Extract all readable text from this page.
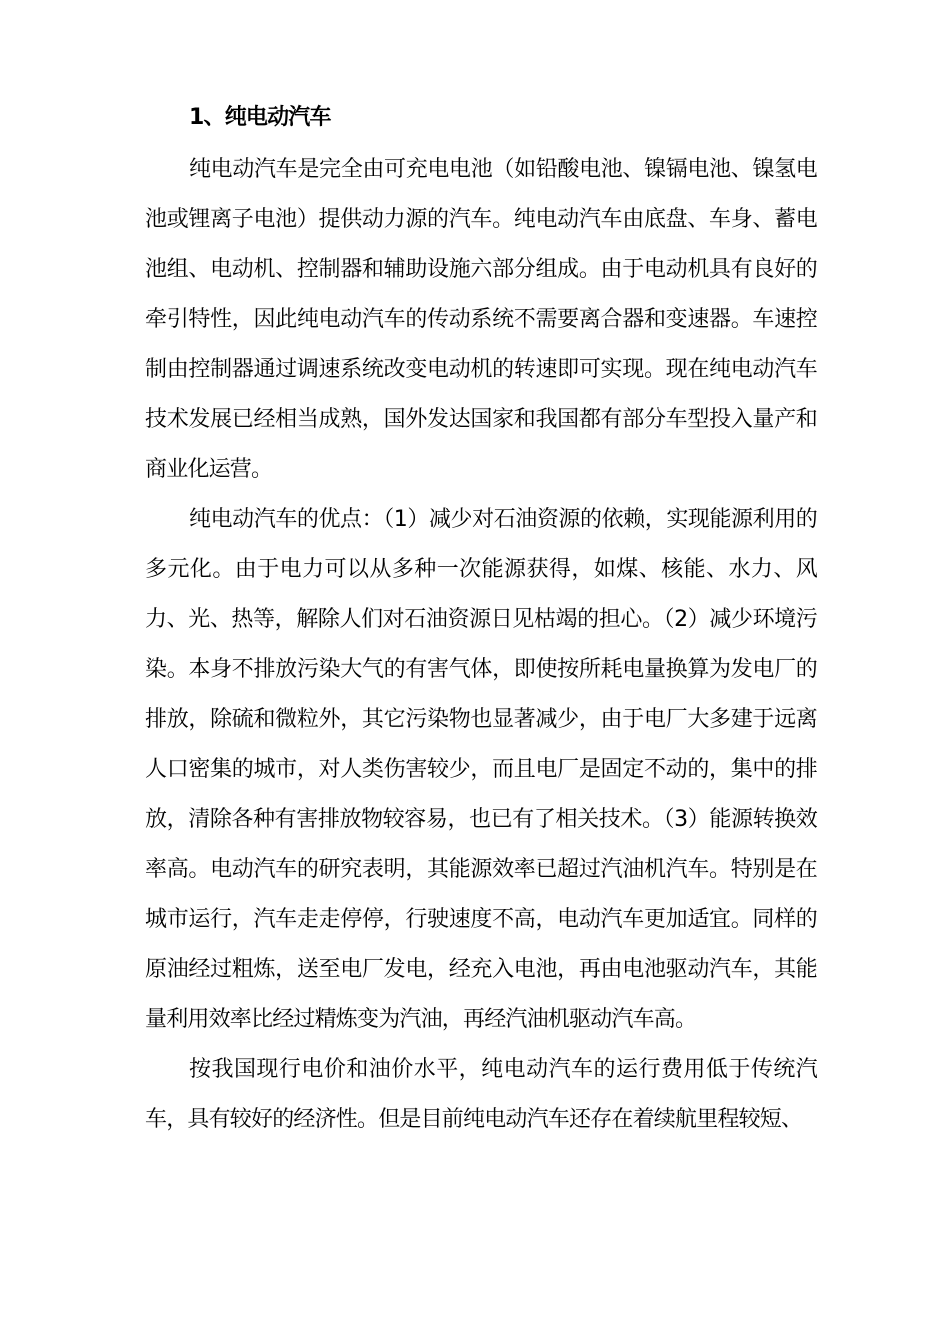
1、纯电动汽车

纯电动汽车是完全由可充电电池（如铅酸电池、镍镉电池、镍氢电池或锂离子电池）提供动力源的汽车。纯电动汽车由底盘、车身、蓄电池组、电动机、控制器和辅助设施六部分组成。由于电动机具有良好的牵引特性，因此纯电动汽车的传动系统不需要离合器和变速器。车速控制由控制器通过调速系统改变电动机的转速即可实现。现在纯电动汽车技术发展已经相当成熟，国外发达国家和我国都有部分车型投入量产和商业化运营。

纯电动汽车的优点：（1）减少对石油资源的依赖，实现能源利用的多元化。由于电力可以从多种一次能源获得，如煤、核能、水力、风力、光、热等，解除人们对石油资源日见枯竭的担心。（2）减少环境污染。本身不排放污染大气的有害气体，即使按所耗电量换算为发电厂的排放，除硫和微粒外，其它污染物也显著减少，由于电厂大多建于远离人口密集的城市，对人类伤害较少，而且电厂是固定不动的，集中的排放，清除各种有害排放物较容易，也已有了相关技术。（3）能源转换效率高。电动汽车的研究表明，其能源效率已超过汽油机汽车。特别是在城市运行，汽车走走停停，行驶速度不高，电动汽车更加适宜。同样的原油经过粗炼，送至电厂发电，经充入电池，再由电池驱动汽车，其能量利用效率比经过精炼变为汽油，再经汽油机驱动汽车高。

按我国现行电价和油价水平，纯电动汽车的运行费用低于传统汽车，具有较好的经济性。但是目前纯电动汽车还存在着续航里程较短、
